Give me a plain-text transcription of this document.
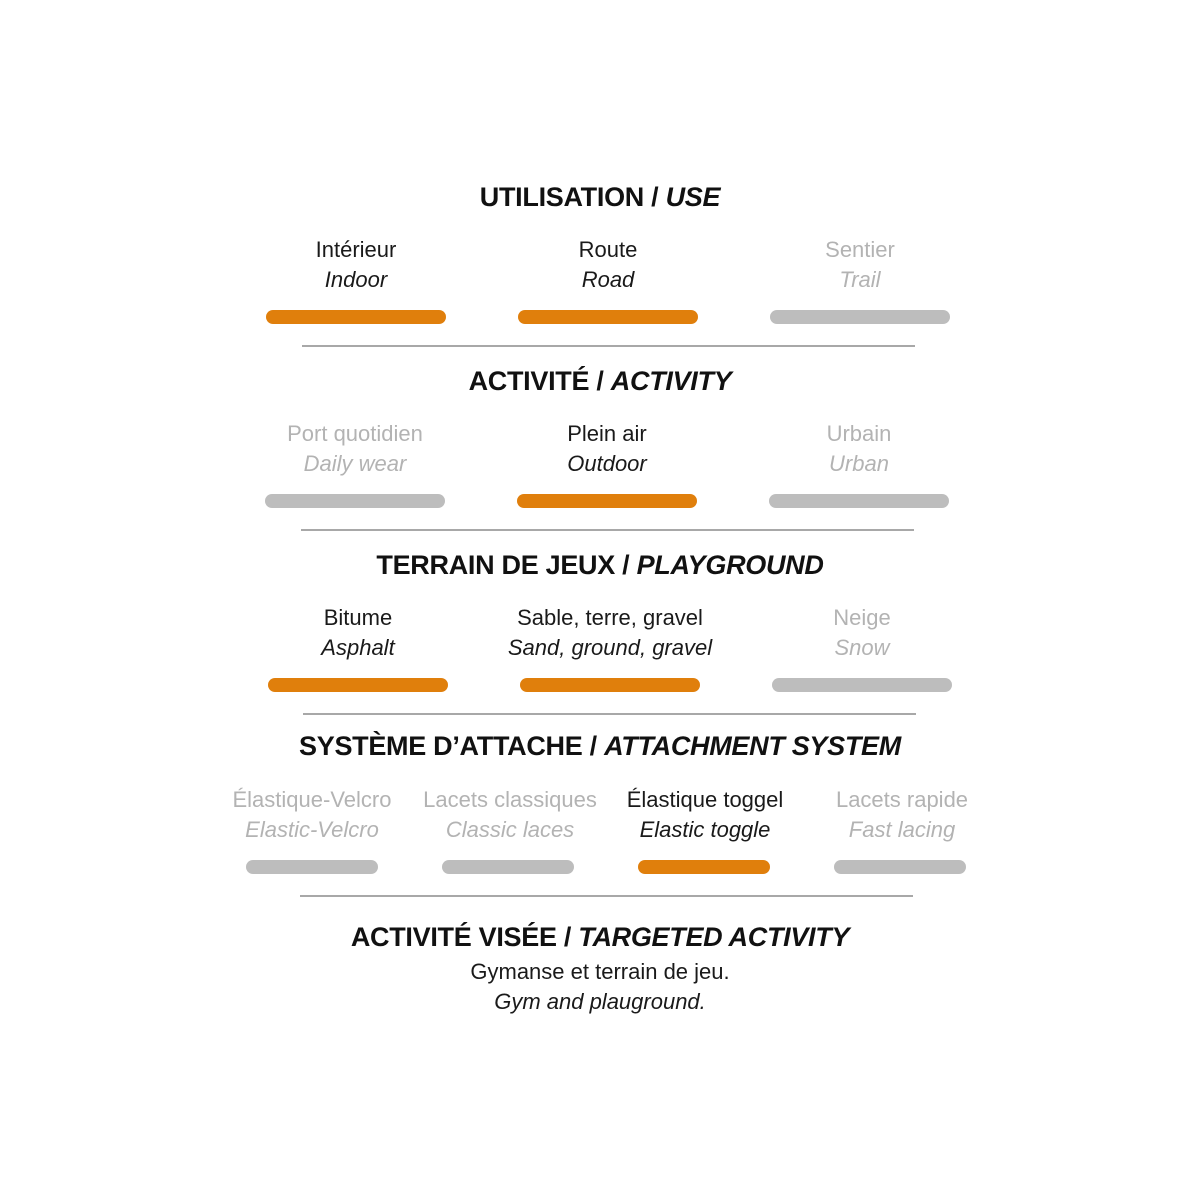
UTILISATION / USE
Intérieur
Indoor
Route
Road
Sentier
Trail
ACTIVITÉ / ACTIVITY
Port quotidien
Daily wear
Plein air
Outdoor
Urbain
Urban
TERRAIN DE JEUX / PLAYGROUND
Bitume
Asphalt
Sable, terre, gravel
Sand, ground, gravel
Neige
Snow
SYSTÈME D’ATTACHE / ATTACHMENT SYSTEM
Élastique-Velcro
Elastic-Velcro
Lacets classiques
Classic laces
Élastique toggel
Elastic toggle
Lacets rapide
Fast lacing
ACTIVITÉ VISÉE / TARGETED ACTIVITY
Gymanse et terrain de jeu.
Gym and plauground.
